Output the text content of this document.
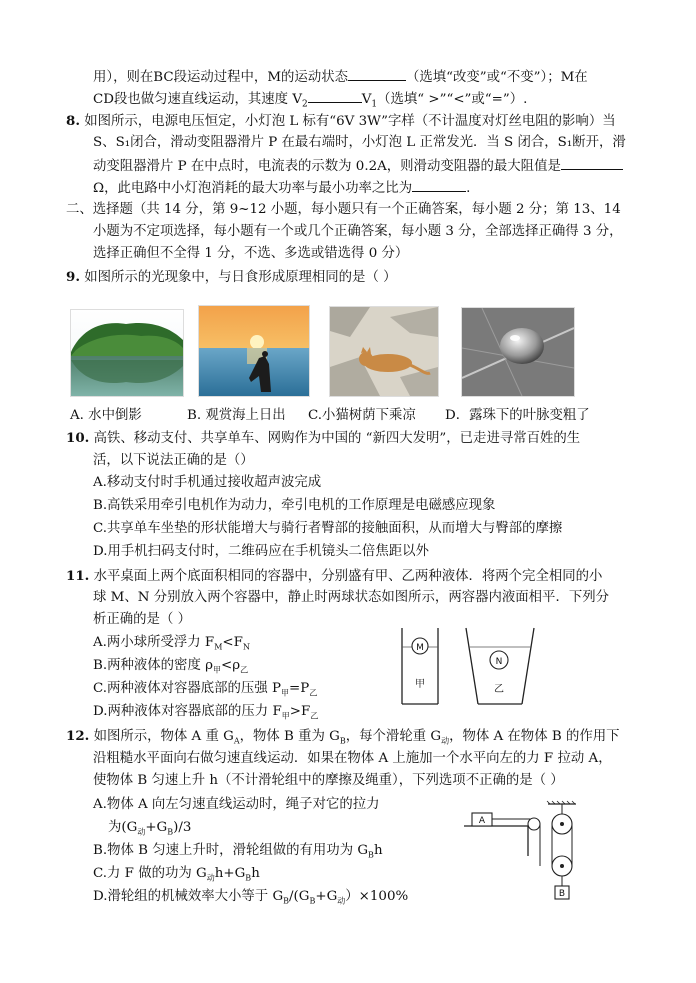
用），则在BC段运动过程中，M的运动状态	（选填“改变”或“不变”）；M在
CD段也做匀速直线运动，其速度 $V_2$	$V_1$（选填“ >”“<”或“=”）.
8. 如图所示，电源电压恒定，小灯泡 L 标有“6V 3W”字样（不计温度对灯丝电阻的影响）当
S、S₁闭合，滑动变阻器滑片 P 在最右端时，小灯泡 L 正常发光．当 S 闭合，S₁断开，滑
动变阻器滑片 P 在中点时，电流表的示数为 0.2A，则滑动变阻器的最大阻值是
Ω，此电路中小灯泡消耗的最大功率与最小功率之比为	.
二、选择题（共 14 分，第 9~12 小题，每小题只有一个正确答案，每小题 2 分；第 13、14
小题为不定项选择，每小题有一个或几个正确答案，每小题 3 分，全部选择正确得 3 分，
选择正确但不全得 1 分，不选、多选或错选得 0 分）
9. 如图所示的光现象中，与日食形成原理相同的是（ ）
A. 水中倒影	B. 观赏海上日出 C.小猫树荫下乘凉 D．露珠下的叶脉变粗了
10. 高铁、移动支付、共享单车、网购作为中国的 “新四大发明”，已走进寻常百姓的生
活，以下说法正确的是（）
A.移动支付时手机通过接收超声波完成
B.高铁采用牵引电机作为动力，牵引电机的工作原理是电磁感应现象
C.共享单车坐垫的形状能增大与骑行者臀部的接触面积，从而增大与臀部的摩擦
D.用手机扫码支付时，二维码应在手机镜头二倍焦距以外
11. 水平桌面上两个底面积相同的容器中，分别盛有甲、乙两种液体．将两个完全相同的小
球 M、N 分别放入两个容器中，静止时两球状态如图所示，两容器内液面相平．下列分
析正确的是（ ）
A.两小球所受浮力 $F_M<F_N$
B.两种液体的密度 $\rho_甲<\rho_乙$
C.两种液体对容器底部的压强 $P_甲=P_乙$
D.两种液体对容器底部的压力 $F_甲>F_乙$
M
甲
N
乙
12. 如图所示，物体 A 重 $G_A$，物体 B 重为 $G_B$，每个滑轮重 $G_动$，物体 A 在物体 B 的作用下
沿粗糙水平面向右做匀速直线运动．如果在物体 A 上施加一个水平向左的力 F 拉动 A，
使物体 B 匀速上升 h（不计滑轮组中的摩擦及绳重），下列选项不正确的是（ ）
A.物体 A 向左匀速直线运动时，绳子对它的拉力
为$(G_动+G_B)/3$
B.物体 B 匀速上升时，滑轮组做的有用功为 $G_Bh$
C.力 F 做的功为 $G_动h+G_Bh$
D.滑轮组的机械效率大小等于 $G_B/(G_B+G_动)\times 100\%$
A
B
